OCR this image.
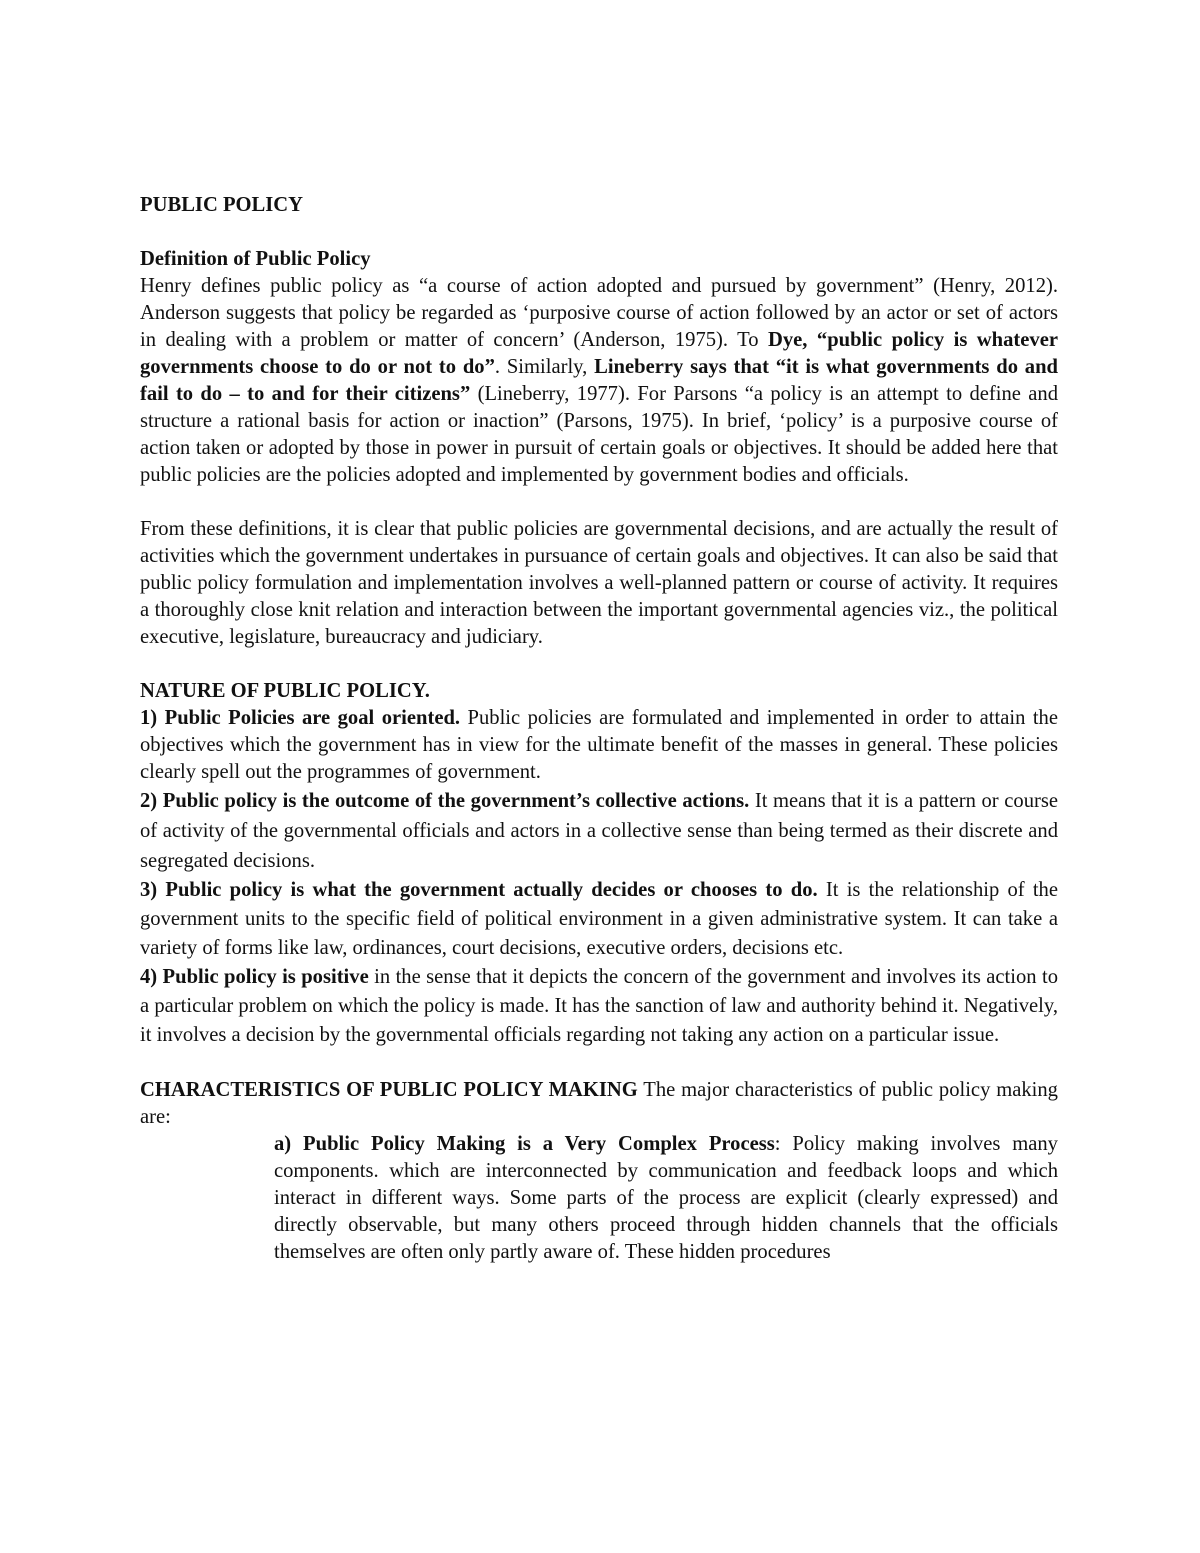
PUBLIC POLICY

Definition of Public Policy

Henry defines public policy as “a course of action adopted and pursued by government” (Henry, 2012). Anderson suggests that policy be regarded as ‘purposive course of action followed by an actor or set of actors in dealing with a problem or matter of concern’ (Anderson, 1975). To Dye, “public policy is whatever governments choose to do or not to do”. Similarly, Lineberry says that “it is what governments do and fail to do – to and for their citizens” (Lineberry, 1977). For Parsons “a policy is an attempt to define and structure a rational basis for action or inaction” (Parsons, 1975). In brief, ‘policy’ is a purposive course of action taken or adopted by those in power in pursuit of certain goals or objectives. It should be added here that public policies are the policies adopted and implemented by government bodies and officials.

From these definitions, it is clear that public policies are governmental decisions, and are actually the result of activities which the government undertakes in pursuance of certain goals and objectives. It can also be said that public policy formulation and implementation involves a well-planned pattern or course of activity. It requires a thoroughly close knit relation and interaction between the important governmental agencies viz., the political executive, legislature, bureaucracy and judiciary.

NATURE OF PUBLIC POLICY.

1) Public Policies are goal oriented. Public policies are formulated and implemented in order to attain the objectives which the government has in view for the ultimate benefit of the masses in general. These policies clearly spell out the programmes of government.

2) Public policy is the outcome of the government’s collective actions. It means that it is a pattern or course of activity of the governmental officials and actors in a collective sense than being termed as their discrete and segregated decisions.

3) Public policy is what the government actually decides or chooses to do. It is the relationship of the government units to the specific field of political environment in a given administrative system. It can take a variety of forms like law, ordinances, court decisions, executive orders, decisions etc.

4) Public policy is positive in the sense that it depicts the concern of the government and involves its action to a particular problem on which the policy is made. It has the sanction of law and authority behind it. Negatively, it involves a decision by the governmental officials regarding not taking any action on a particular issue.

CHARACTERISTICS OF PUBLIC POLICY MAKING The major characteristics of public policy making are:

a) Public Policy Making is a Very Complex Process: Policy making involves many components. which are interconnected by communication and feedback loops and which interact in different ways. Some parts of the process are explicit (clearly expressed) and directly observable, but many others proceed through hidden channels that the officials themselves are often only partly aware of. These hidden procedures
